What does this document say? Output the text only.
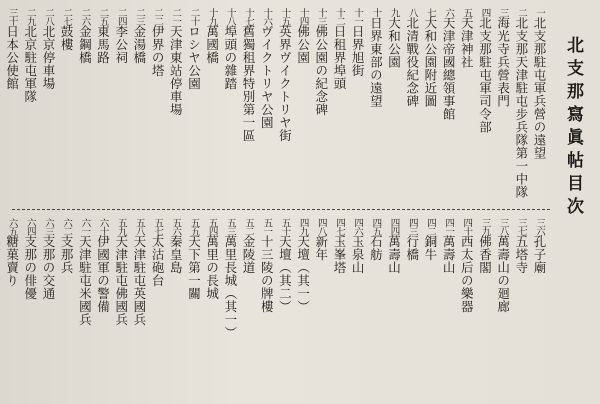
北支那寫眞帖目次
一北支那駐屯軍兵營の遠望
二北支那天津駐屯步兵隊第一中隊
三海光寺兵營表門
四北支那駐屯軍司令部
五天津神社
六天津帝國總領事館
七大和公園附近圖
八北清戰役紀念碑
九大和公園
十日界東部の遠望
十一日界旭街
十二日租界埠頭
十三佛公園の紀念碑
十四佛公園
十五英界ヴイクトリヤ街
十六ヴイクトリヤ公園
十七舊獨租界特別第一區
十八埠頭の雜踏
十九萬國橋
二十ロシヤ公園
二一天津東站停車場
二二伊界の塔
二三金湯橋
二四李公祠
二五東馬路
二六金鋼橋
二七鼓樓
二八北京停車場
二九北京駐屯軍隊
三十日本公使館
三六孔子廟
三七五塔寺
三八萬壽山の廻廊
三九佛香閣
四十西太后の樂器
四一萬壽山
四二銅牛
四三行橋
四四萬壽山
四五石舫
四六玉泉山
四七玉峯塔
四八新年
四九天壇（其一）
五十天壇（其二）
五一十三陵の牌樓
五二金陵道
五三萬里長城（其一）
五四萬里の長城
五五天下第一關
五六秦皇島
五七太沽砲台
五八天津駐屯英國兵
五九天津駐屯佛國兵
六十伊國軍の警備
六一天津駐屯米國兵
六二支那兵
六三支那の交通
六四支那の俳優
六五糖菓賣り
